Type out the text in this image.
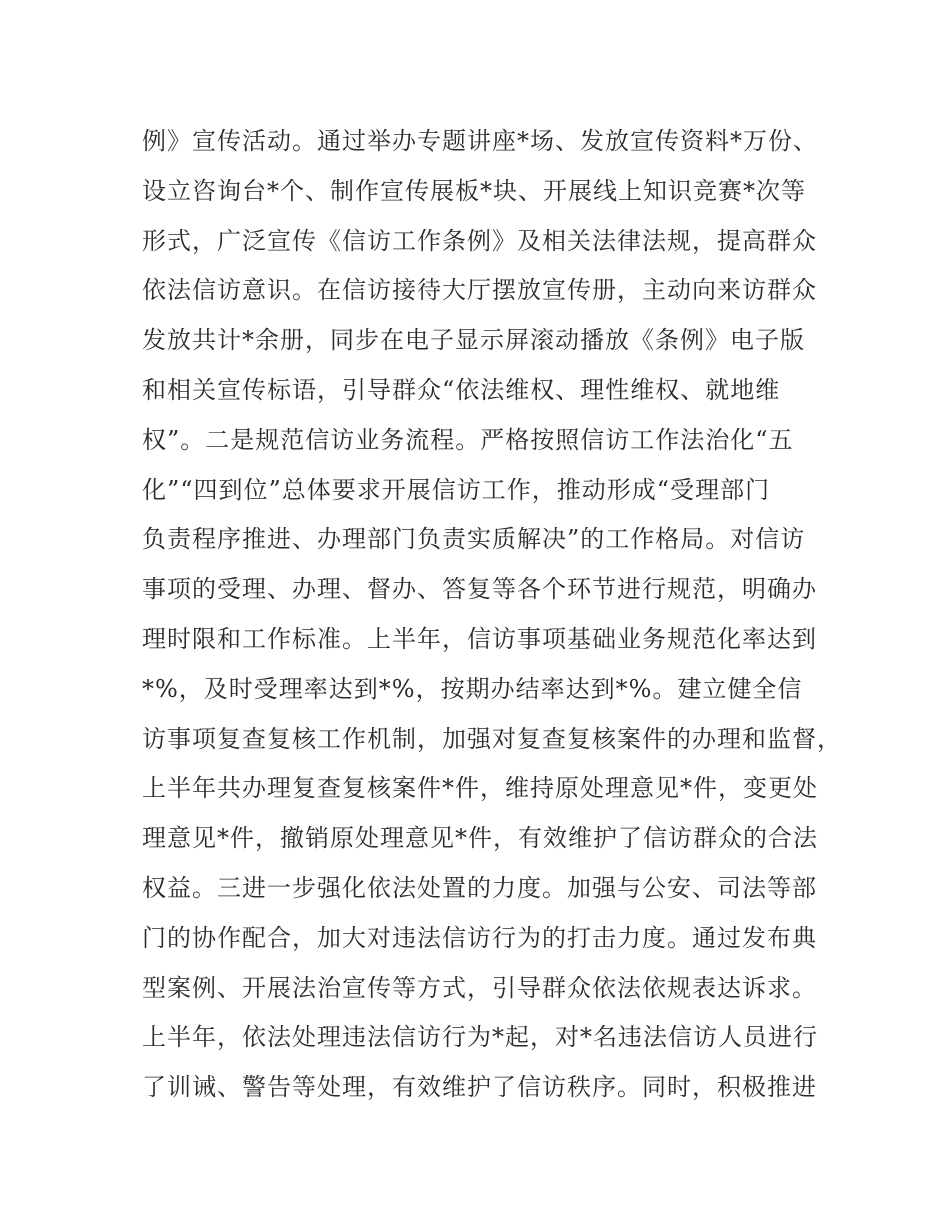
例》宣传活动。通过举办专题讲座*场、发放宣传资料*万份、
设立咨询台*个、制作宣传展板*块、开展线上知识竞赛*次等
形式，广泛宣传《信访工作条例》及相关法律法规，提高群众
依法信访意识。在信访接待大厅摆放宣传册，主动向来访群众
发放共计*余册，同步在电子显示屏滚动播放《条例》电子版
和相关宣传标语，引导群众“依法维权、理性维权、就地维
权”。二是规范信访业务流程。严格按照信访工作法治化“五
化”“四到位”总体要求开展信访工作，推动形成“受理部门
负责程序推进、办理部门负责实质解决”的工作格局。对信访
事项的受理、办理、督办、答复等各个环节进行规范，明确办
理时限和工作标准。上半年，信访事项基础业务规范化率达到
*%，及时受理率达到*%，按期办结率达到*%。建立健全信
访事项复查复核工作机制，加强对复查复核案件的办理和监督，
上半年共办理复查复核案件*件，维持原处理意见*件，变更处
理意见*件，撤销原处理意见*件，有效维护了信访群众的合法
权益。三进一步强化依法处置的力度。加强与公安、司法等部
门的协作配合，加大对违法信访行为的打击力度。通过发布典
型案例、开展法治宣传等方式，引导群众依法依规表达诉求。
上半年，依法处理违法信访行为*起，对*名违法信访人员进行
了训诫、警告等处理，有效维护了信访秩序。同时，积极推进
